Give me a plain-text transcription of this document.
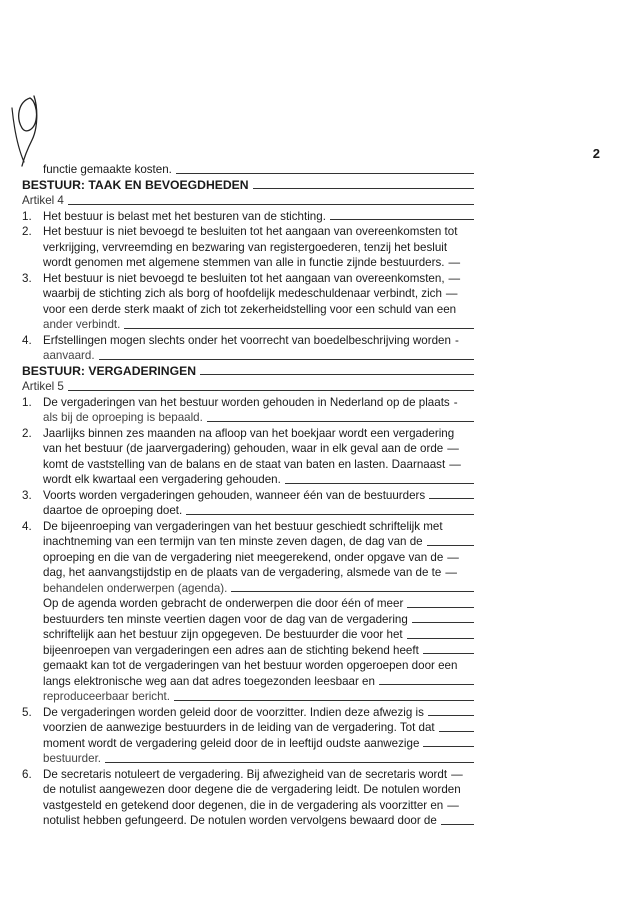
2
functie gemaakte kosten.
BESTUUR: TAAK EN BEVOEGDHEDEN
Artikel 4
1. Het bestuur is belast met het besturen van de stichting.
2. Het bestuur is niet bevoegd te besluiten tot het aangaan van overeenkomsten tot
verkrijging, vervreemding en bezwaring van registergoederen, tenzij het besluit
wordt genomen met algemene stemmen van alle in functie zijnde bestuurders. —
3. Het bestuur is niet bevoegd te besluiten tot het aangaan van overeenkomsten, —
waarbij de stichting zich als borg of hoofdelijk medeschuldenaar verbindt, zich —
voor een derde sterk maakt of zich tot zekerheidstelling voor een schuld van een
ander verbindt.
4. Erfstellingen mogen slechts onder het voorrecht van boedelbeschrijving worden -
aanvaard.
BESTUUR: VERGADERINGEN
Artikel 5
1. De vergaderingen van het bestuur worden gehouden in Nederland op de plaats -
als bij de oproeping is bepaald.
2. Jaarlijks binnen zes maanden na afloop van het boekjaar wordt een vergadering
van het bestuur (de jaarvergadering) gehouden, waar in elk geval aan de orde —
komt de vaststelling van de balans en de staat van baten en lasten. Daarnaast —
wordt elk kwartaal een vergadering gehouden.
3. Voorts worden vergaderingen gehouden, wanneer één van de bestuurders
daartoe de oproeping doet.
4. De bijeenroeping van vergaderingen van het bestuur geschiedt schriftelijk met
inachtneming van een termijn van ten minste zeven dagen, de dag van de
oproeping en die van de vergadering niet meegerekend, onder opgave van de —
dag, het aanvangstijdstip en de plaats van de vergadering, alsmede van de te —
behandelen onderwerpen (agenda).
Op de agenda worden gebracht de onderwerpen die door één of meer
bestuurders ten minste veertien dagen voor de dag van de vergadering
schriftelijk aan het bestuur zijn opgegeven. De bestuurder die voor het
bijeenroepen van vergaderingen een adres aan de stichting bekend heeft
gemaakt kan tot de vergaderingen van het bestuur worden opgeroepen door een
langs elektronische weg aan dat adres toegezonden leesbaar en
reproduceerbaar bericht.
5. De vergaderingen worden geleid door de voorzitter. Indien deze afwezig is
voorzien de aanwezige bestuurders in de leiding van de vergadering. Tot dat
moment wordt de vergadering geleid door de in leeftijd oudste aanwezige
bestuurder.
6. De secretaris notuleert de vergadering. Bij afwezigheid van de secretaris wordt —
de notulist aangewezen door degene die de vergadering leidt. De notulen worden
vastgesteld en getekend door degenen, die in de vergadering als voorzitter en —
notulist hebben gefungeerd. De notulen worden vervolgens bewaard door de
